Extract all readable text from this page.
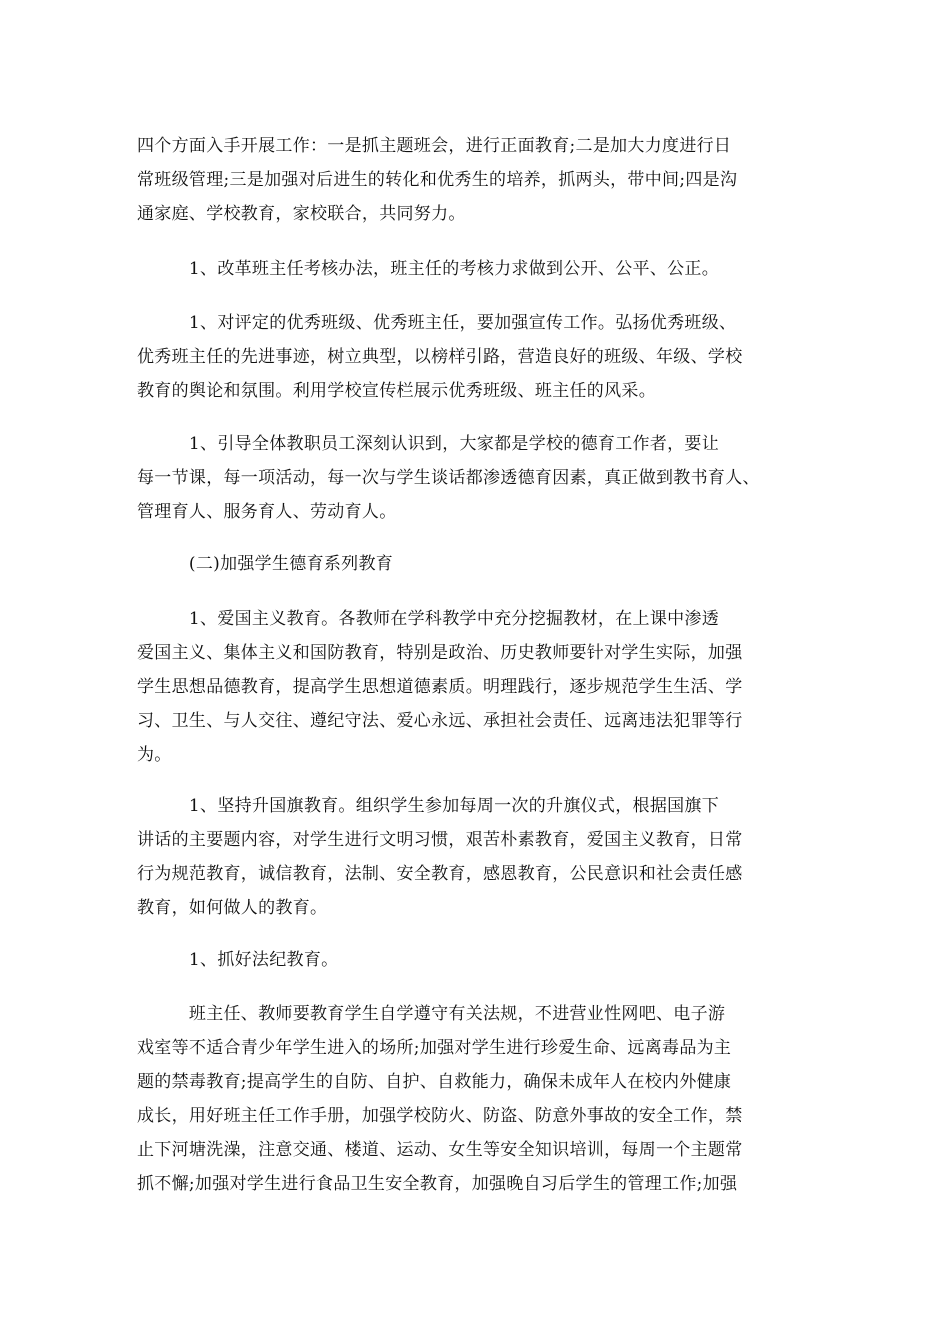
四个方面入手开展工作：一是抓主题班会，进行正面教育;二是加大力度进行日
常班级管理;三是加强对后进生的转化和优秀生的培养，抓两头，带中间;四是沟
通家庭、学校教育，家校联合，共同努力。

　　　1、改革班主任考核办法，班主任的考核力求做到公开、公平、公正。

　　　1、对评定的优秀班级、优秀班主任，要加强宣传工作。弘扬优秀班级、
优秀班主任的先进事迹，树立典型，以榜样引路，营造良好的班级、年级、学校
教育的舆论和氛围。利用学校宣传栏展示优秀班级、班主任的风采。

　　　1、引导全体教职员工深刻认识到，大家都是学校的德育工作者，要让
每一节课，每一项活动，每一次与学生谈话都渗透德育因素，真正做到教书育人、
管理育人、服务育人、劳动育人。

　　　(二)加强学生德育系列教育

　　　1、爱国主义教育。各教师在学科教学中充分挖掘教材，在上课中渗透
爱国主义、集体主义和国防教育，特别是政治、历史教师要针对学生实际，加强
学生思想品德教育，提高学生思想道德素质。明理践行，逐步规范学生生活、学
习、卫生、与人交往、遵纪守法、爱心永远、承担社会责任、远离违法犯罪等行
为。

　　　1、坚持升国旗教育。组织学生参加每周一次的升旗仪式，根据国旗下
讲话的主要题内容，对学生进行文明习惯，艰苦朴素教育，爱国主义教育，日常
行为规范教育，诚信教育，法制、安全教育，感恩教育，公民意识和社会责任感
教育，如何做人的教育。

　　　1、抓好法纪教育。

　　　班主任、教师要教育学生自学遵守有关法规，不进营业性网吧、电子游
戏室等不适合青少年学生进入的场所;加强对学生进行珍爱生命、远离毒品为主
题的禁毒教育;提高学生的自防、自护、自救能力，确保未成年人在校内外健康
成长，用好班主任工作手册，加强学校防火、防盗、防意外事故的安全工作，禁
止下河塘洗澡，注意交通、楼道、运动、女生等安全知识培训，每周一个主题常
抓不懈;加强对学生进行食品卫生安全教育，加强晚自习后学生的管理工作;加强
